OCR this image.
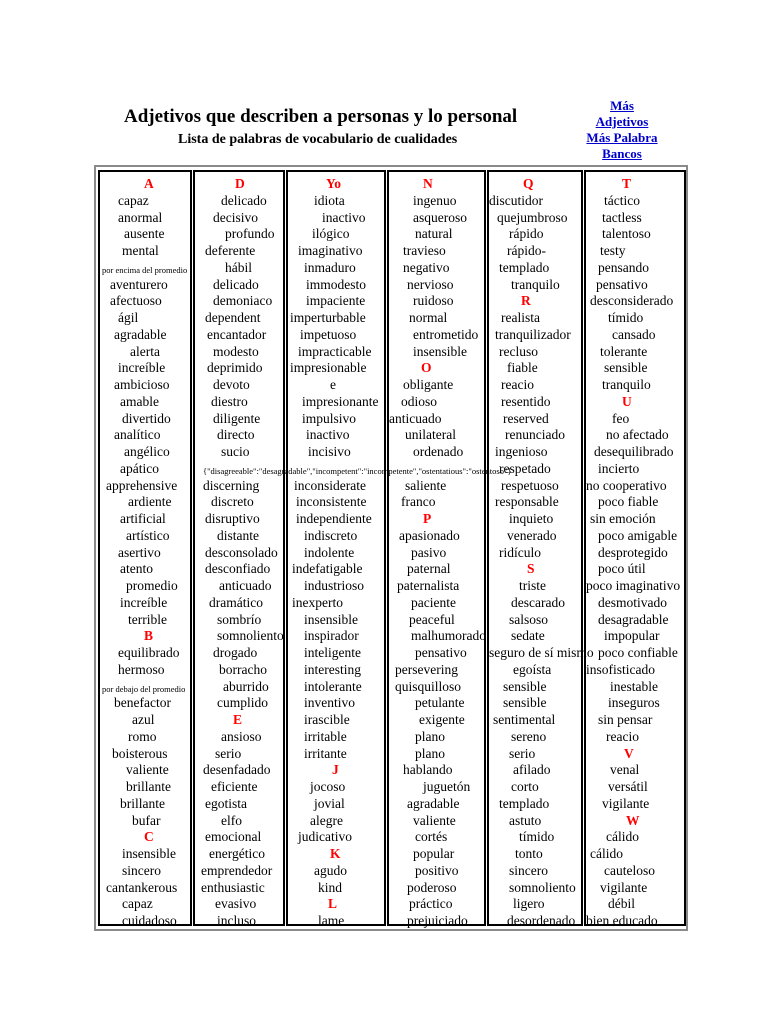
Adjetivos que describen a personas y lo personal
Lista de palabras de vocabulario de cualidades
Más
Adjetivos
Más Palabra
Bancos
A
capaz
anormal
ausente
mental
por encima del promedio
aventurero
afectuoso
ágil
agradable
alerta
increíble
ambicioso
amable
divertido
analítico
angélico
apático
apprehensive
ardiente
artificial
artístico
asertivo
atento
promedio
increíble
terrible
B
equilibrado
hermoso
por debajo del promedio
benefactor
azul
romo
boisterous
valiente
brillante
brillante
bufar
C
insensible
sincero
cantankerous
capaz
cuidadoso
D
delicado
decisivo
profundo
deferente
hábil
delicado
demoniaco
dependent
encantador
modesto
deprimido
devoto
diestro
diligente
directo
sucio
{"disagreeable":"desagradable","incompetent":"incompetente","ostentatious":"ostentoso"}
discerning
discreto
disruptivo
distante
desconsolado
desconfiado
anticuado
dramático
sombrío
somnoliento
drogado
borracho
aburrido
cumplido
E
ansioso
serio
desenfadado
eficiente
egotista
elfo
emocional
energético
emprendedor
enthusiastic
evasivo
incluso
Yo
idiota
inactivo
ilógico
imaginativo
inmaduro
immodesto
impaciente
imperturbable
impetuoso
impracticable
impresionable
e
impresionante
impulsivo
inactivo
incisivo
inconsiderate
inconsistente
independiente
indiscreto
indolente
indefatigable
industrioso
inexperto
insensible
inspirador
inteligente
interesting
intolerante
inventivo
irascible
irritable
irritante
J
jocoso
jovial
alegre
judicativo
K
agudo
kind
L
lame
N
ingenuo
asqueroso
natural
travieso
negativo
nervioso
ruidoso
normal
entrometido
insensible
O
obligante
odioso
anticuado
unilateral
ordenado
saliente
franco
P
apasionado
pasivo
paternal
paternalista
paciente
peaceful
malhumorado
pensativo
persevering
quisquilloso
petulante
exigente
plano
plano
hablando
juguetón
agradable
valiente
cortés
popular
positivo
poderoso
práctico
prejuiciado
Q
discutidor
quejumbroso
rápido
rápido-
templado
tranquilo
R
realista
tranquilizador
recluso
fiable
reacio
resentido
reserved
renunciado
ingenioso
respetado
respetuoso
responsable
inquieto
venerado
ridículo
S
triste
descarado
salsoso
sedate
seguro de sí mismo
egoísta
sensible
sensible
sentimental
sereno
serio
afilado
corto
templado
astuto
tímido
tonto
sincero
somnoliento
ligero
desordenado
T
táctico
tactless
talentoso
testy
pensando
pensativo
desconsiderado
tímido
cansado
tolerante
sensible
tranquilo
U
feo
no afectado
desequilibrado
incierto
no cooperativo
poco fiable
sin emoción
poco amigable
desprotegido
poco útil
poco imaginativo
desmotivado
desagradable
impopular
poco confiable
insofisticado
inestable
inseguros
sin pensar
reacio
V
venal
versátil
vigilante
W
cálido
cálido
cauteloso
vigilante
débil
bien educado
